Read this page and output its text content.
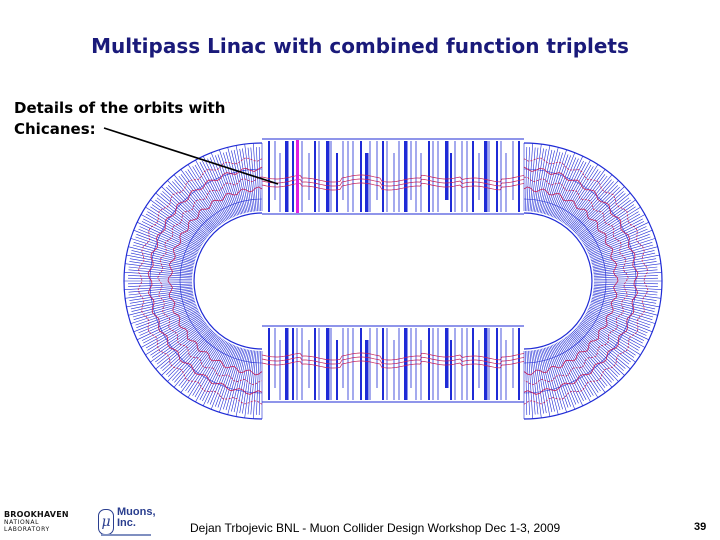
Multipass Linac with combined function triplets
Details of the orbits with Chicanes:
BROOKHAVEN
NATIONAL LABORATORY	μ
Muons,
Inc.	Dejan Trbojevic BNL - Muon Collider Design Workshop Dec 1-3, 2009	39
